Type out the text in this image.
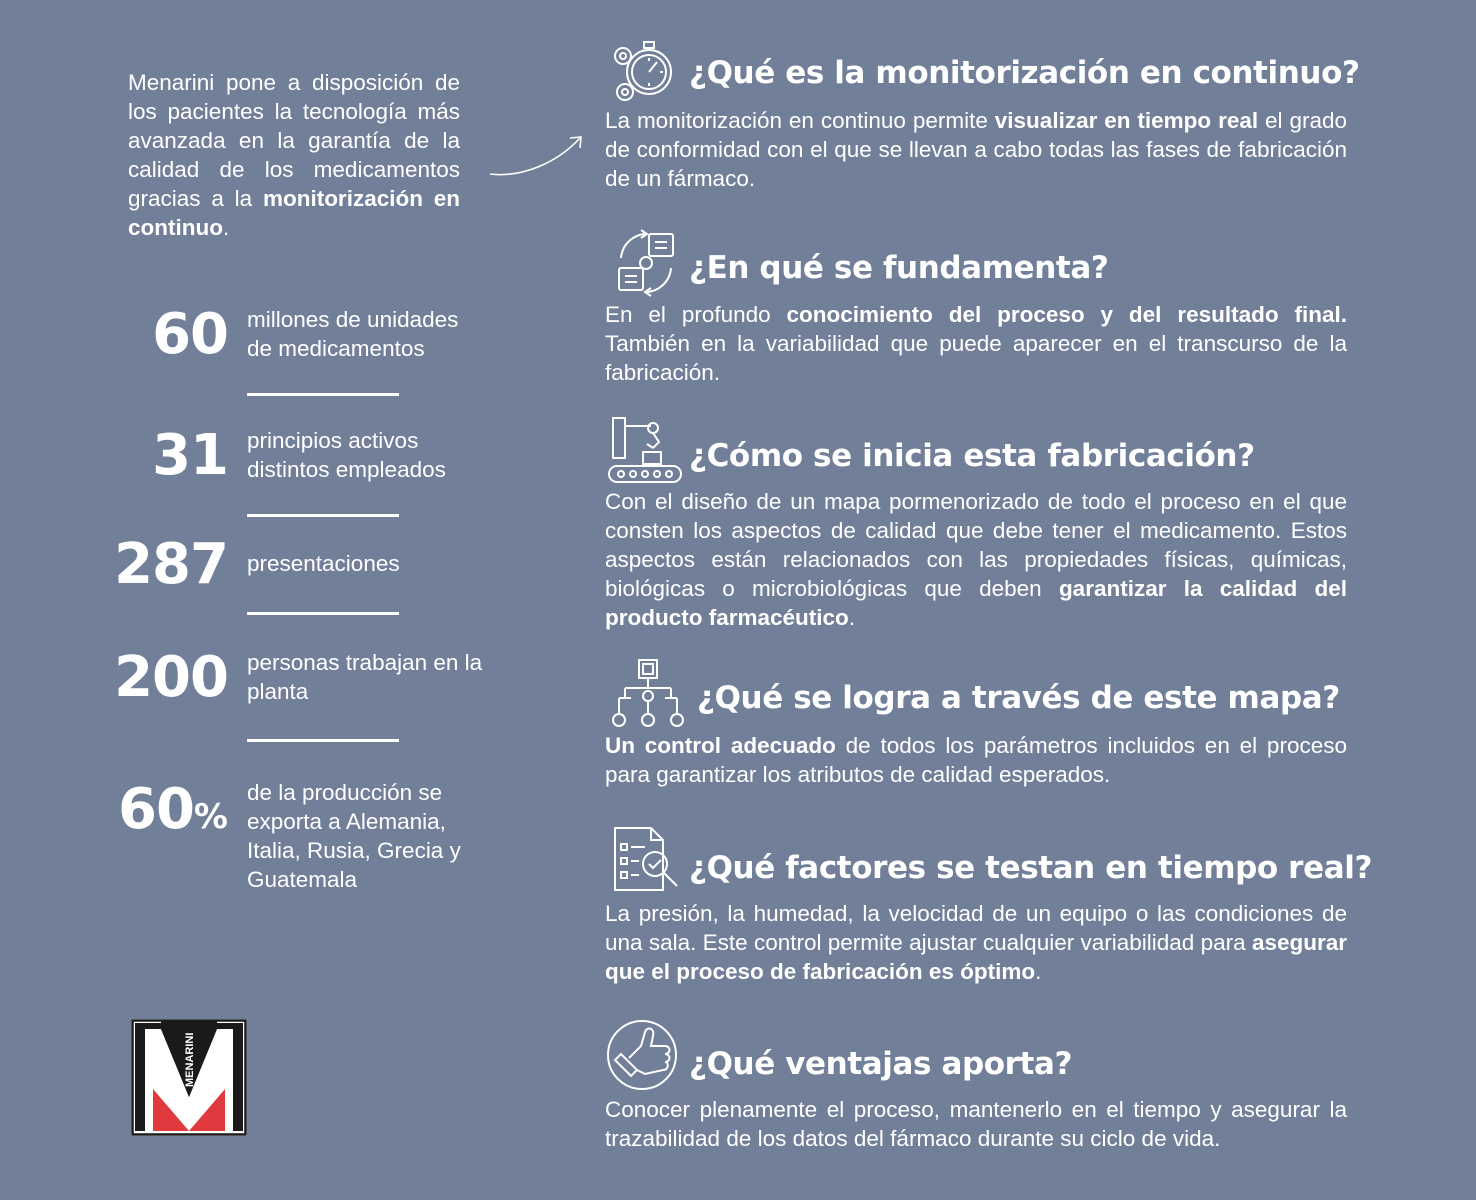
Menarini pone a disposición de los pacientes la tecnología más avanzada en la garantía de la calidad de los medicamentos gracias a la monitorización en continuo.
60 millones de unidades de medicamentos
31 principios activos distintos empleados
287 presentaciones
200 personas trabajan en la planta
60%
de la producción se exporta a Alemania, Italia, Rusia, Grecia y Guatemala
MENARINI
¿Qué es la monitorización en continuo?

La monitorización en continuo permite visualizar en tiempo real el grado de conformidad con el que se llevan a cabo todas las fases de fabricación de un fármaco.

¿En qué se fundamenta?

En el profundo conocimiento del proceso y del resultado final. También en la variabilidad que puede aparecer en el transcurso de la fabricación.

¿Cómo se inicia esta fabricación?

Con el diseño de un mapa pormenorizado de todo el proceso en el que consten los aspectos de calidad que debe tener el medicamento. Estos aspectos están relacionados con las propiedades físicas, químicas, biológicas o microbiológicas que deben garantizar la calidad del producto farmacéutico.

¿Qué se logra a través de este mapa?

Un control adecuado de todos los parámetros incluidos en el proceso para garantizar los atributos de calidad esperados.

¿Qué factores se testan en tiempo real?

La presión, la humedad, la velocidad de un equipo o las condiciones de una sala. Este control permite ajustar cualquier variabilidad para asegurar que el proceso de fabricación es óptimo.

¿Qué ventajas aporta?

Conocer plenamente el proceso, mantenerlo en el tiempo y asegurar la trazabilidad de los datos del fármaco durante su ciclo de vida.
